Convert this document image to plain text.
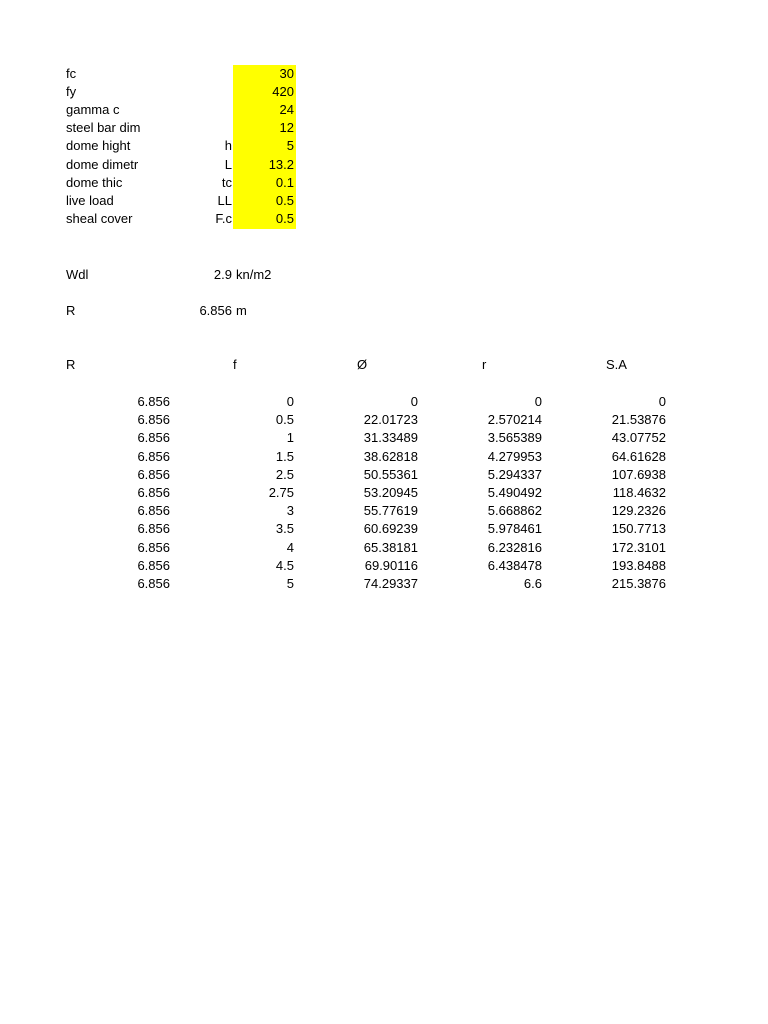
fc	30
fy	420
gamma c	24
steel bar dim	12
dome hight	h	5
dome dimetr	L	13.2
dome thic	tc	0.1
live load	LL	0.5
sheal cover	F.c	0.5
Wdl	2.9 kn/m2
R	6.856 m
R	f	Ø	r	S.A
6.856	0	0	0	0
6.856	0.5	22.01723	2.570214	21.53876
6.856	1	31.33489	3.565389	43.07752
6.856	1.5	38.62818	4.279953	64.61628
6.856	2.5	50.55361	5.294337	107.6938
6.856	2.75	53.20945	5.490492	118.4632
6.856	3	55.77619	5.668862	129.2326
6.856	3.5	60.69239	5.978461	150.7713
6.856	4	65.38181	6.232816	172.3101
6.856	4.5	69.90116	6.438478	193.8488
6.856	5	74.29337	6.6	215.3876
